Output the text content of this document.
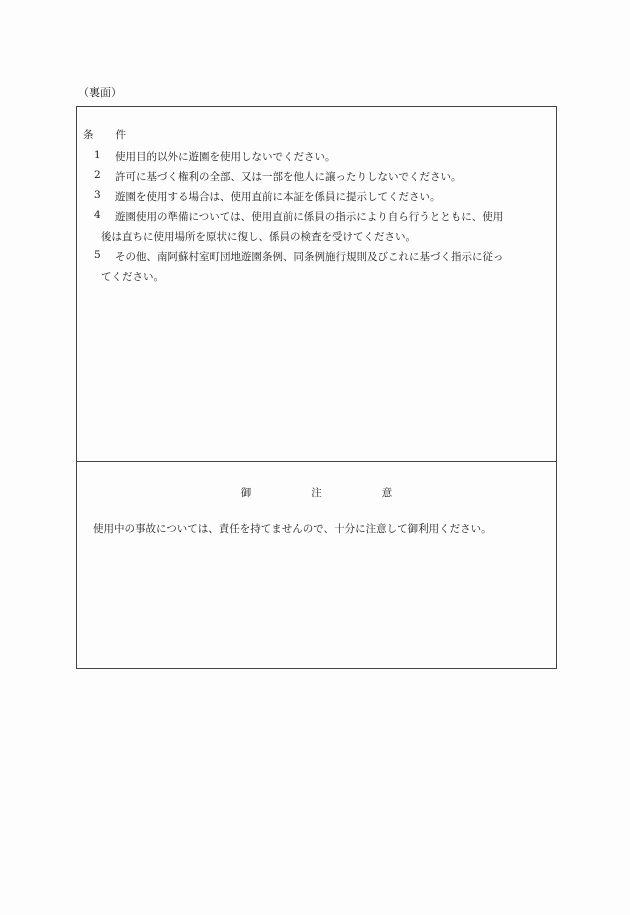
（裏面）
条 件
1 使用目的以外に遊園を使用しないでください。
2 許可に基づく権利の全部、又は一部を他人に譲ったりしないでください。
3 遊園を使用する場合は、使用直前に本証を係員に提示してください。
4 遊園使用の準備については、使用直前に係員の指示により自ら行うとともに、使用
後は直ちに使用場所を原状に復し、係員の検査を受けてください。
5 その他、南阿蘇村室町団地遊園条例、同条例施行規則及びこれに基づく指示に従っ
てください。
御	注	意
使用中の事故については、責任を持てませんので、十分に注意して御利用ください。
